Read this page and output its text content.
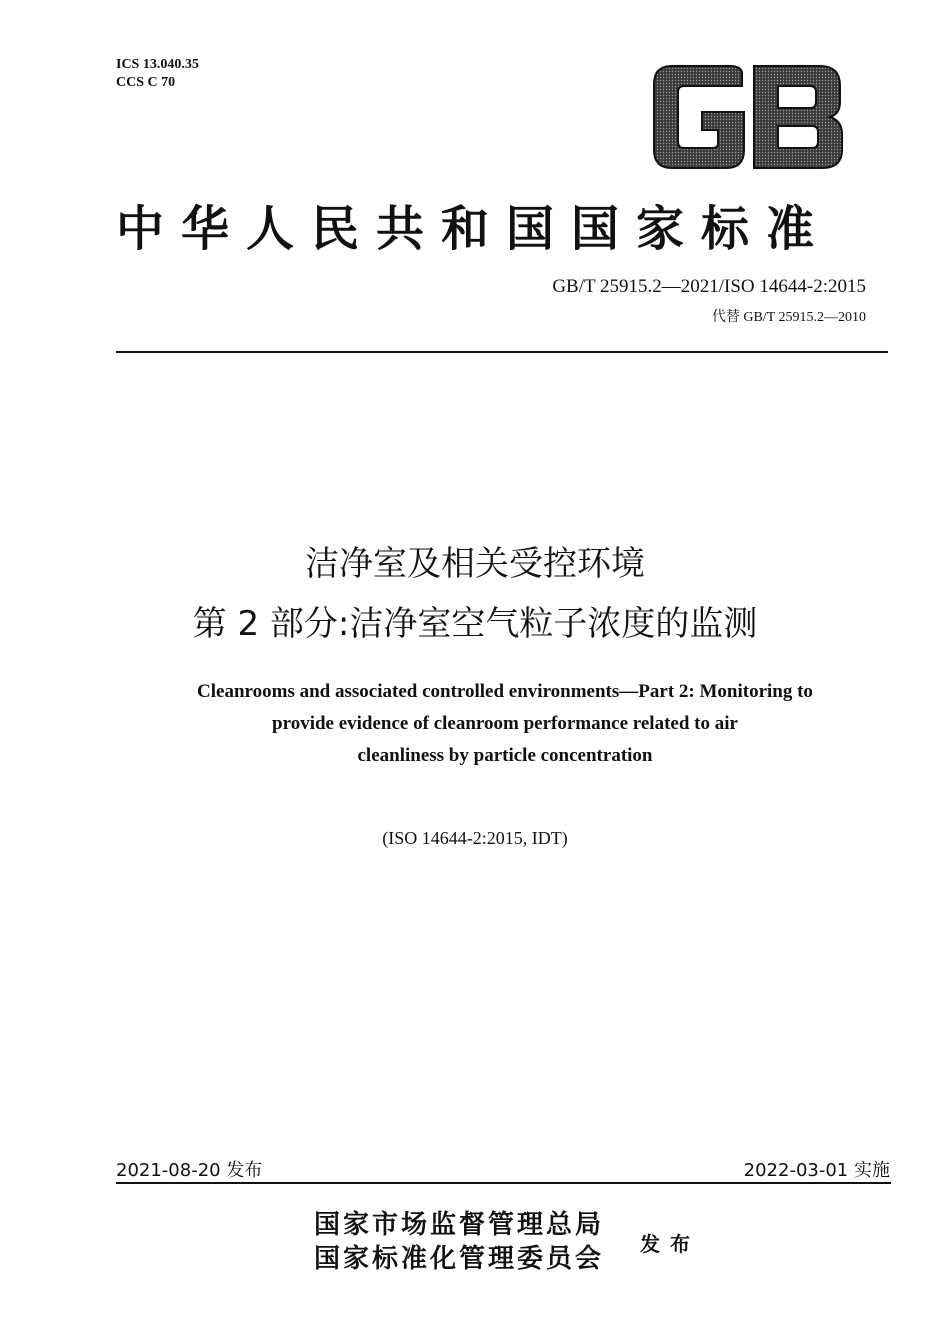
ICS 13.040.35
CCS C 70
中华人民共和国国家标准
GB/T 25915.2—2021/ISO 14644-2:2015
代替 GB/T 25915.2—2010
洁净室及相关受控环境
第 2 部分:洁净室空气粒子浓度的监测
Cleanrooms and associated controlled environments—Part 2: Monitoring to
provide evidence of cleanroom performance related to air
cleanliness by particle concentration
(ISO 14644-2:2015, IDT)
2021-08-20 发布	2022-03-01 实施
国家市场监督管理总局
国家标准化管理委员会 发布
